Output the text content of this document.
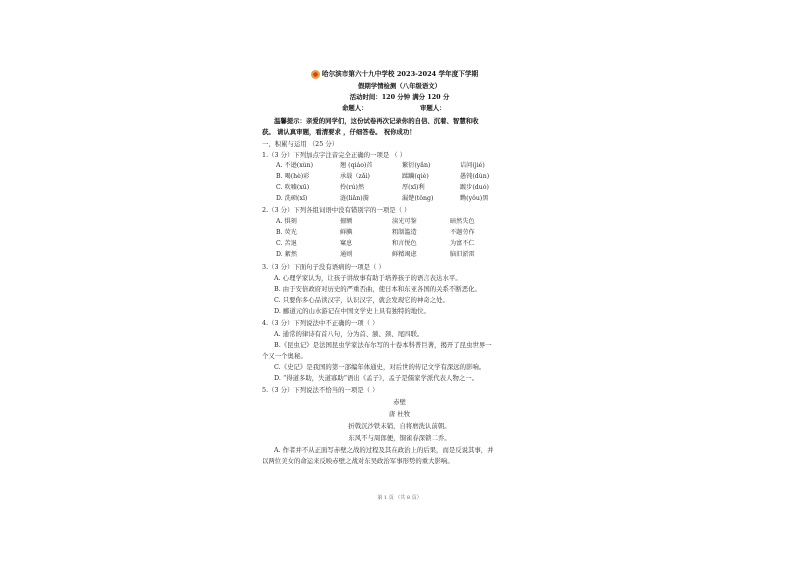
哈尔滨市第六十九中学校 2023-2024 学年度下学期
假期学情检测（八年级语文）
活动时间：120 分钟 满分 120 分
命题人：	审题人：
温馨提示：亲爱的同学们，这份试卷再次记录你的自信、沉着、智慧和收
获。 请认真审题，看清要求 ，仔细答卷。 祝你成功！
一、积累与运用 （25 分）
1.（3 分）下列加点字注音完全正确的一项是 （ ）
A. 不逊(xùn)	翘 (qiáo)首	繁衍(yǎn)	诘问(jié)
B. 喝(hè)彩	承载（zǎi)	蹂躏(qiè)	愚钝(dùn)
C. 吹嘘(xū)	拎(rú)然	厚(xī)利	踱步(duó)
D. 洗硕(xǐ)	涟(liǎn)漪	漏楚(tǒng)	黝(yǒu)黑
2.（3 分）下列各组词语中没有错别字的一项是（ ）
A. 惧刻	擅额	渎光可鉴	暗然失色
B. 荧光	鲜腆	粗制滥造	不题劳作
C. 苦退	窠息	和言悦色	为富不仁
D. 絮然	通则	鲜精竭虑	脑旧淤雷
3.（3 分）下面句子没有语病的一项是（ ）
A. 心理学家认为，让孩子讲故事有助于培养孩子的语言表达水平。
B. 由于安倍政府对历史的严重否曲，使日本和东亚各国的关系不断恶化。
C. 只要你多心品读汉字，认识汉字，就会发现它的神奇之处。
D. 郦道元的山水游记在中国文学史上具有独特的地位。
4.（3 分）下列说法中不正确的一项（ ）
A. 通常的律诗有首八句，分为首、颔、颈、尾四联。
B.《昆虫记》是法国昆虫学家法布尔写的十卷本科普巨著，揭开了昆虫世界一
个又一个奥秘。
C.《史记》是我国的第一部编年体通史，对后世的传记文学有深远的影响。
D. “得道多助，失道寡助”语出《孟子》，孟子是儒家学派代表人物之一。
5.（3 分）下列说法不恰当的一项是（ ）
赤壁
唐 杜牧
折戟沉沙铁未销，自将磨洗认前朝。
东风不与周郎便，铜雀春深锁二乔。
A. 作者并不从正面写赤壁之战的过程及其在政治上的后果，而是反说其事，并
以两位美女的命运来反映赤壁之战对东吴政治军事形势的重大影响。
第 1 页 （共 8 页）
